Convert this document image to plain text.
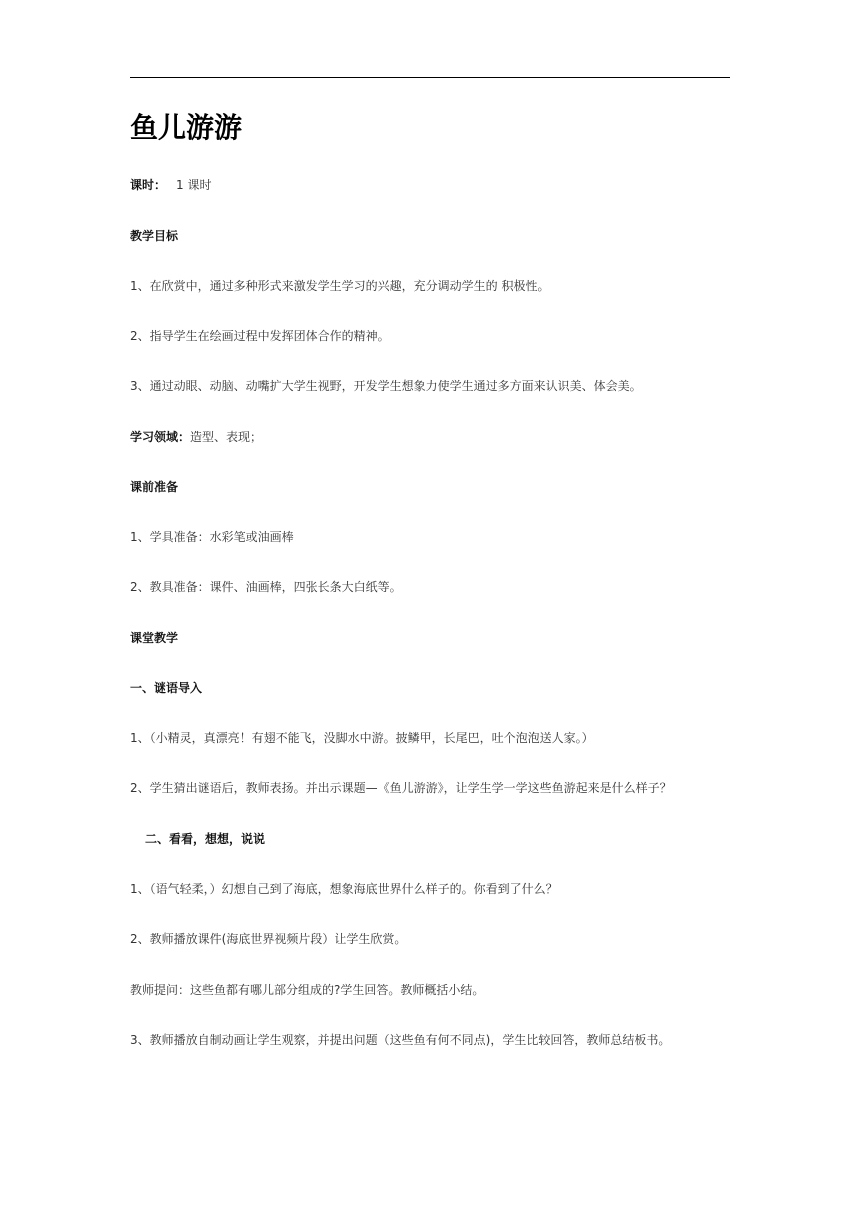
鱼儿游游
课时： 1 课时
教学目标
1、在欣赏中，通过多种形式来激发学生学习的兴趣，充分调动学生的 积极性。
2、指导学生在绘画过程中发挥团体合作的精神。
3、通过动眼、动脑、动嘴扩大学生视野，开发学生想象力使学生通过多方面来认识美、体会美。
学习领域：造型、表现；
课前准备
1、学具准备：水彩笔或油画棒
2、教具准备：课件、油画棒，四张长条大白纸等。
课堂教学
一、谜语导入
1、（小精灵，真漂亮！有翅不能飞，没脚水中游。披鳞甲，长尾巴，吐个泡泡送人家。）
2、学生猜出谜语后，教师表扬。并出示课题—《鱼儿游游》，让学生学一学这些鱼游起来是什么样子？
二、看看，想想，说说
1、（语气轻柔，）幻想自己到了海底，想象海底世界什么样子的。你看到了什么？
2、教师播放课件(海底世界视频片段）让学生欣赏。
教师提问：这些鱼都有哪儿部分组成的?学生回答。教师概括小结。
3、教师播放自制动画让学生观察，并提出问题（这些鱼有何不同点)，学生比较回答，教师总结板书。
